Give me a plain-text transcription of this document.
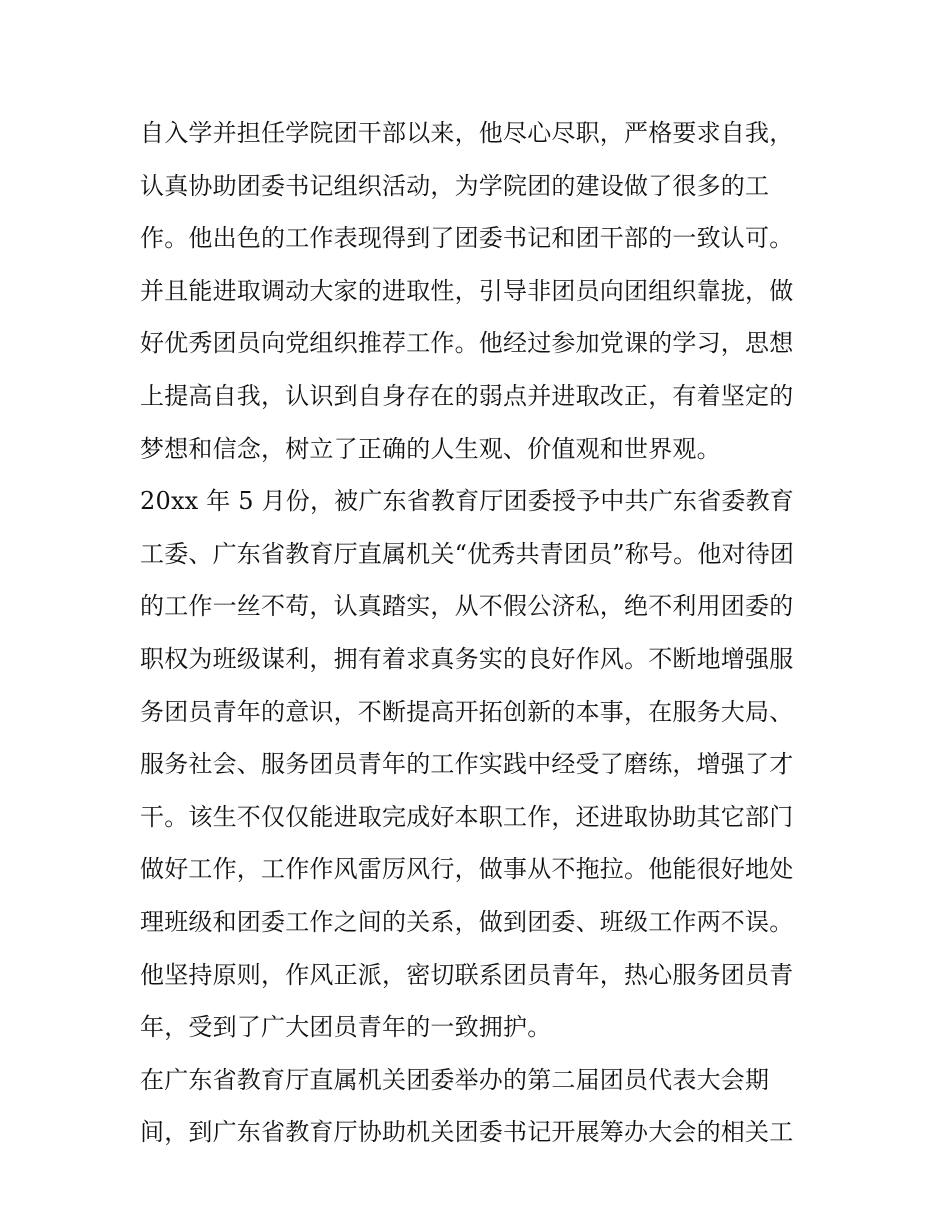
自入学并担任学院团干部以来，他尽心尽职，严格要求自我，
认真协助团委书记组织活动，为学院团的建设做了很多的工
作。他出色的工作表现得到了团委书记和团干部的一致认可。
并且能进取调动大家的进取性，引导非团员向团组织靠拢，做
好优秀团员向党组织推荐工作。他经过参加党课的学习，思想
上提高自我，认识到自身存在的弱点并进取改正，有着坚定的
梦想和信念，树立了正确的人生观、价值观和世界观。
20xx 年 5 月份，被广东省教育厅团委授予中共广东省委教育
工委、广东省教育厅直属机关“优秀共青团员”称号。他对待团
的工作一丝不苟，认真踏实，从不假公济私，绝不利用团委的
职权为班级谋利，拥有着求真务实的良好作风。不断地增强服
务团员青年的意识，不断提高开拓创新的本事，在服务大局、
服务社会、服务团员青年的工作实践中经受了磨练，增强了才
干。该生不仅仅能进取完成好本职工作，还进取协助其它部门
做好工作，工作作风雷厉风行，做事从不拖拉。他能很好地处
理班级和团委工作之间的关系，做到团委、班级工作两不误。
他坚持原则，作风正派，密切联系团员青年，热心服务团员青
年，受到了广大团员青年的一致拥护。
在广东省教育厅直属机关团委举办的第二届团员代表大会期
间，到广东省教育厅协助机关团委书记开展筹办大会的相关工
